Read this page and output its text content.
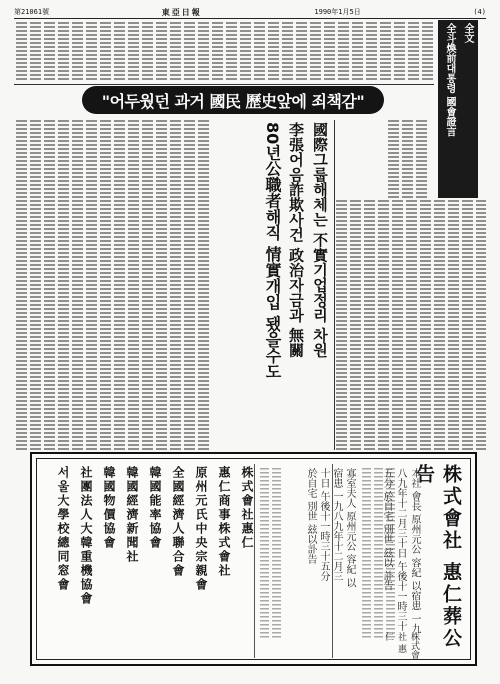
第21061號	東亞日報	1990年1月5日	(4)
"어두웠던 과거 國民 歷史앞에 죄책감"	全斗煥前대통령 國會證言 全文
國際그룹해체는 不實기업정리 차원
李張어음詐欺사건 政治자금과 無關
80년公職者해직 情實개입 됐을수도
株式會社 惠仁葬公告
本社 會長 原州元公 容紀 以宿患 一九八九年十二月三十日 午後十一時三十五分 於自宅 別世 玆以 訃告
株式會社 惠 仁
寡室夫人 原州元公 容紀 以宿患 一九八九年十二月三十日 午後十一時三十五分 於自宅 別世 玆以訃告
株式會社惠仁
惠仁商事株式會社
原州元氏中央宗親會
全國經濟人聯合會
韓國能率協會
韓國經濟新聞社
韓國物價協會
社團法人大韓重機協會
서울大學校總同窓會
